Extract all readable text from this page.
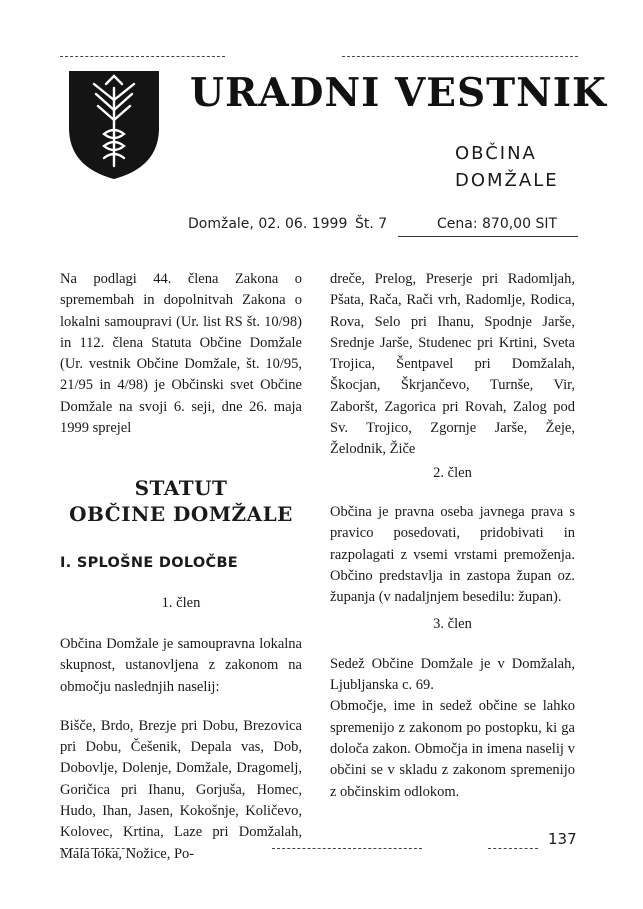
URADNI VESTNIK
OBČINA
DOMŽALE
Domžale, 02. 06. 1999 Št. 7	Cena: 870,00 SIT

Na podlagi 44. člena Zakona o spremembah in dopolnitvah Zakona o lokalni samoupravi (Ur. list RS št. 10/98) in 112. člena Statuta Občine Domžale (Ur. vestnik Občine Domžale, št. 10/95, 21/95 in 4/98) je Občinski svet Občine Domžale na svoji 6. seji, dne 26. maja 1999 sprejel

STATUT
OBČINE DOMŽALE
I. SPLOŠNE DOLOČBE
1. člen

Občina Domžale je samoupravna lokalna skupnost, ustanovljena z zakonom na območju naslednjih naselij:

Bišče, Brdo, Brezje pri Dobu, Brezovica pri Dobu, Češenik, Depala vas, Dob, Dobovlje, Dolenje, Domžale, Dragomelj, Goričica pri Ihanu, Gorjuša, Homec, Hudo, Ihan, Jasen, Kokošnje, Količevo, Kolovec, Krtina, Laze pri Domžalah, Mala loka, Nožice, Po-

dreče, Prelog, Preserje pri Radomljah, Pšata, Rača, Rači vrh, Radomlje, Rodica, Rova, Selo pri Ihanu, Spodnje Jarše, Srednje Jarše, Studenec pri Krtini, Sveta Trojica, Šentpavel pri Domžalah, Škocjan, Škrjančevo, Turnše, Vir, Zaboršt, Zagorica pri Rovah, Zalog pod Sv. Trojico, Zgornje Jarše, Žeje, Želodnik, Žiče

2. člen

Občina je pravna oseba javnega prava s pravico posedovati, pridobivati in razpolagati z vsemi vrstami premoženja. Občino predstavlja in zastopa župan oz. županja (v nadaljnjem besedilu: župan).

3. člen

Sedež Občine Domžale je v Domžalah, Ljubljanska c. 69.

Območje, ime in sedež občine se lahko spremenijo z zakonom po postopku, ki ga določa zakon. Območja in imena naselij v občini se v skladu z zakonom spremenijo z občinskim odlokom.

137
